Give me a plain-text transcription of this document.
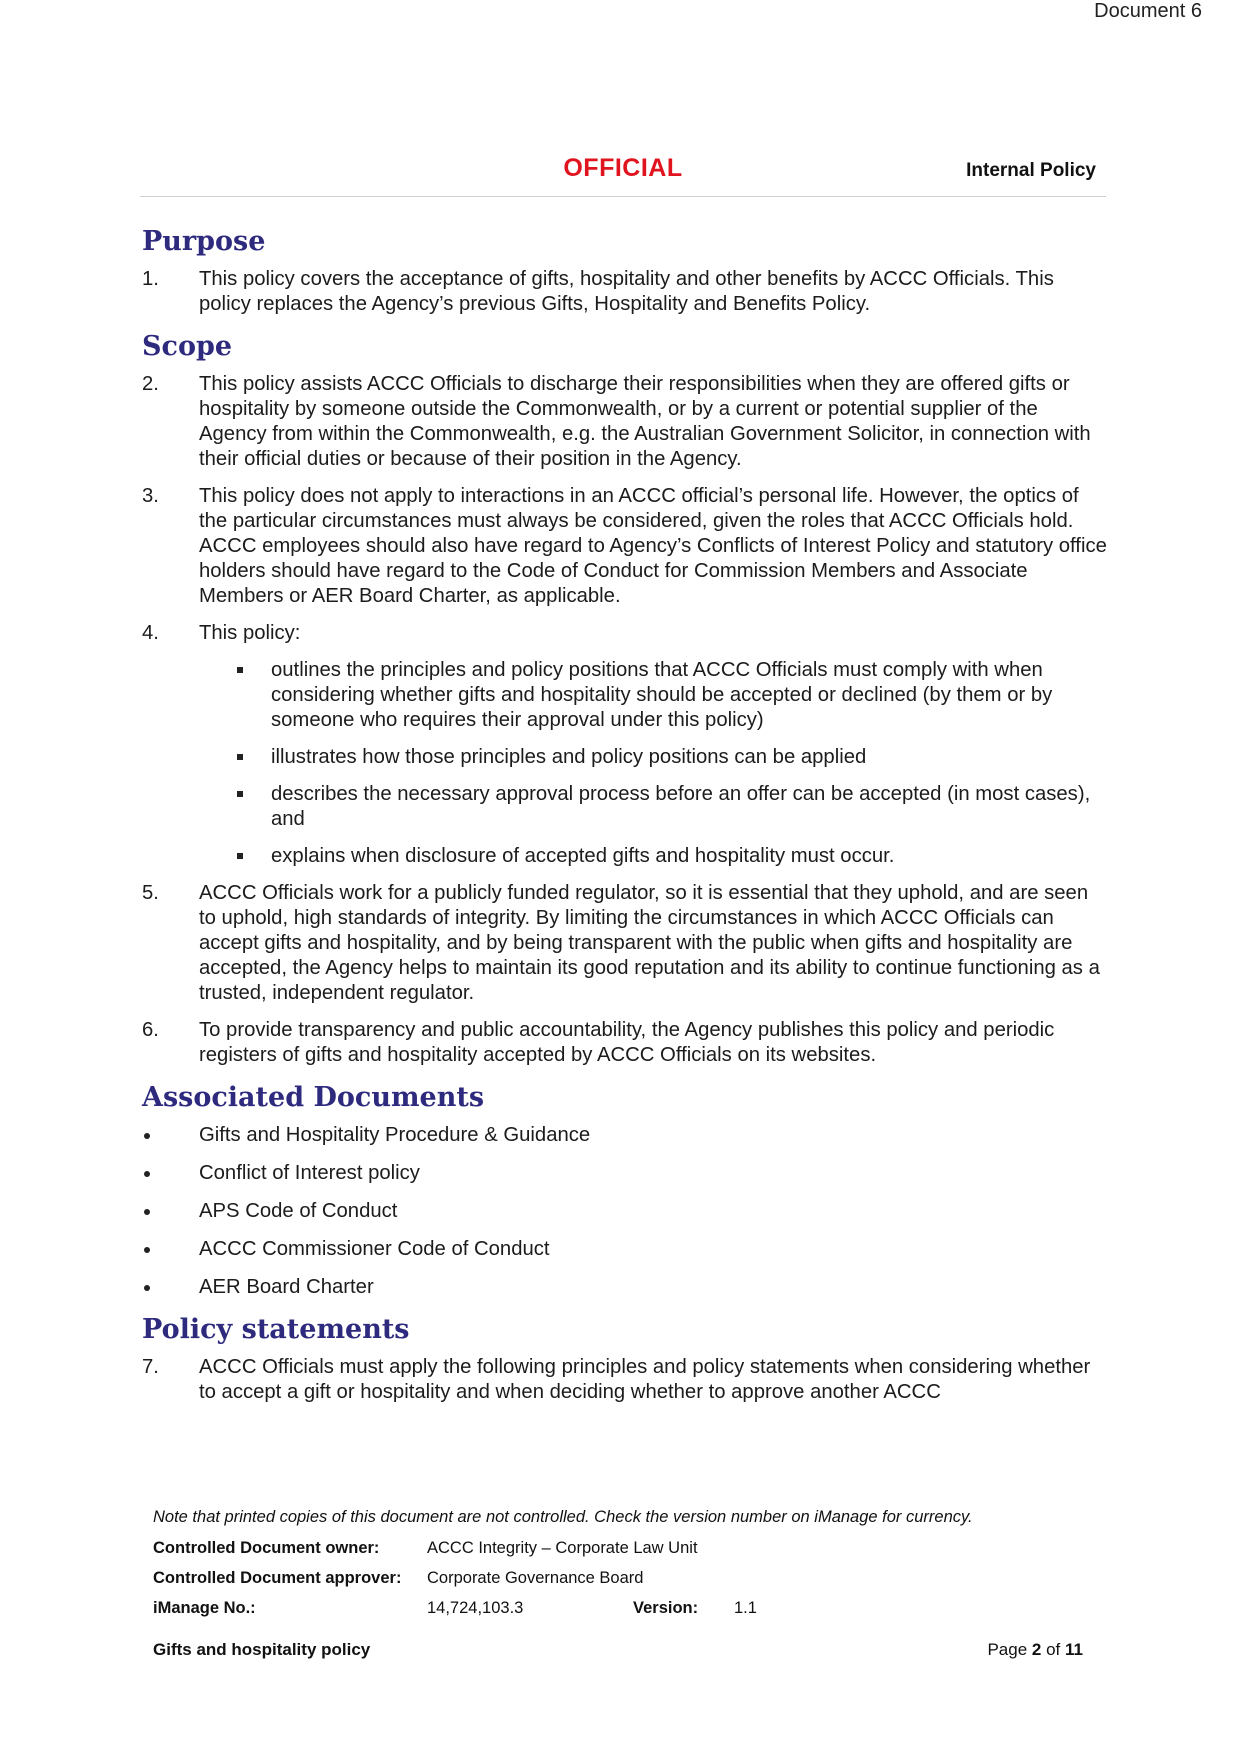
Document 6
OFFICIAL	Internal Policy
Purpose
1. This policy covers the acceptance of gifts, hospitality and other benefits by ACCC Officials. This policy replaces the Agency’s previous Gifts, Hospitality and Benefits Policy.
Scope
2. This policy assists ACCC Officials to discharge their responsibilities when they are offered gifts or hospitality by someone outside the Commonwealth, or by a current or potential supplier of the Agency from within the Commonwealth, e.g. the Australian Government Solicitor, in connection with their official duties or because of their position in the Agency.
3. This policy does not apply to interactions in an ACCC official’s personal life. However, the optics of the particular circumstances must always be considered, given the roles that ACCC Officials hold. ACCC employees should also have regard to Agency’s Conflicts of Interest Policy and statutory office holders should have regard to the Code of Conduct for Commission Members and Associate Members or AER Board Charter, as applicable.
4. This policy:
outlines the principles and policy positions that ACCC Officials must comply with when considering whether gifts and hospitality should be accepted or declined (by them or by someone who requires their approval under this policy)
illustrates how those principles and policy positions can be applied
describes the necessary approval process before an offer can be accepted (in most cases), and
explains when disclosure of accepted gifts and hospitality must occur.
5. ACCC Officials work for a publicly funded regulator, so it is essential that they uphold, and are seen to uphold, high standards of integrity. By limiting the circumstances in which ACCC Officials can accept gifts and hospitality, and by being transparent with the public when gifts and hospitality are accepted, the Agency helps to maintain its good reputation and its ability to continue functioning as a trusted, independent regulator.
6. To provide transparency and public accountability, the Agency publishes this policy and periodic registers of gifts and hospitality accepted by ACCC Officials on its websites.
Associated Documents
Gifts and Hospitality Procedure & Guidance
Conflict of Interest policy
APS Code of Conduct
ACCC Commissioner Code of Conduct
AER Board Charter
Policy statements
7. ACCC Officials must apply the following principles and policy statements when considering whether to accept a gift or hospitality and when deciding whether to approve another ACCC
Note that printed copies of this document are not controlled. Check the version number on iManage for currency.
Controlled Document owner:	ACCC Integrity – Corporate Law Unit
Controlled Document approver: Corporate Governance Board
iManage No.:	14,724,103.3	Version: 1.1
Gifts and hospitality policy	Page 2 of 11
